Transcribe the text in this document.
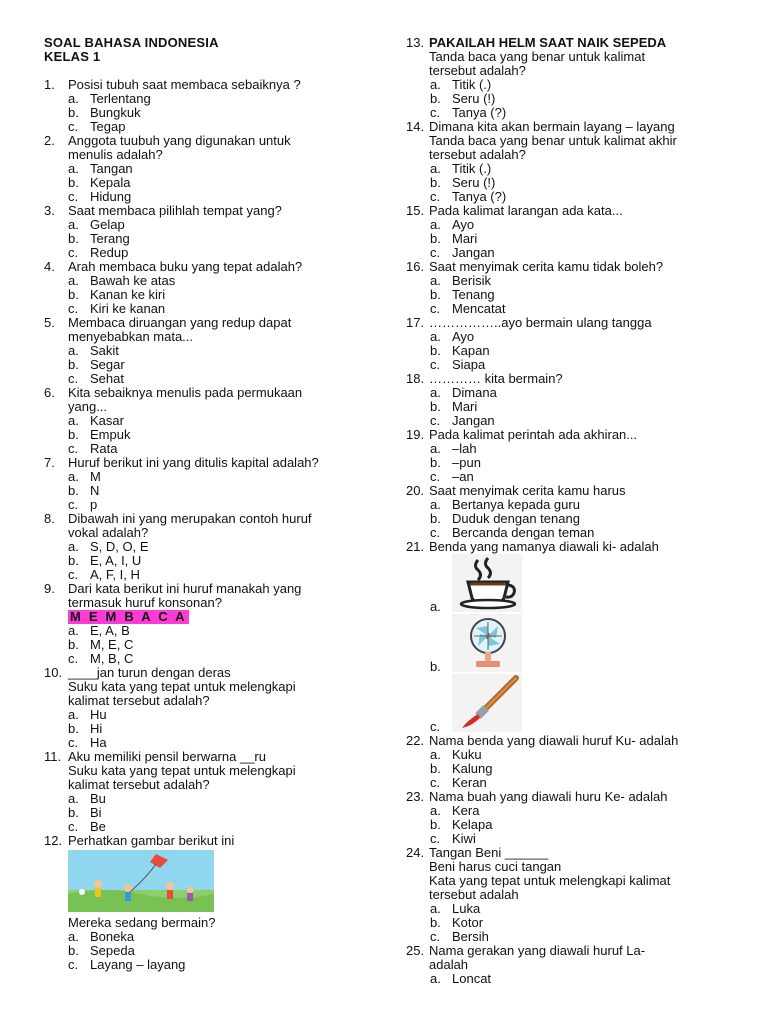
SOAL BAHASA INDONESIA
KELAS 1
1. Posisi tubuh saat membaca sebaiknya ?
a. Terlentang
b. Bungkuk
c. Tegap
2. Anggota tuubuh yang digunakan untuk
menulis adalah?
a. Tangan
b. Kepala
c. Hidung
3. Saat membaca pilihlah tempat yang?
a. Gelap
b. Terang
c. Redup
4. Arah membaca buku yang tepat adalah?
a. Bawah ke atas
b. Kanan ke kiri
c. Kiri ke kanan
5. Membaca diruangan yang redup dapat
menyebabkan mata...
a. Sakit
b. Segar
c. Sehat
6. Kita sebaiknya menulis pada permukaan
yang...
a. Kasar
b. Empuk
c. Rata
7. Huruf berikut ini yang ditulis kapital adalah?
a. M
b. N
c. p
8. Dibawah ini yang merupakan contoh huruf
vokal adalah?
a. S, D, O, E
b. E, A, I, U
c. A, F, I, H
9. Dari kata berikut ini huruf manakah yang
termasuk huruf konsonan?
M E M B A C A
a. E, A, B
b. M, E, C
c. M, B, C
10. ____jan turun dengan deras
Suku kata yang tepat untuk melengkapi
kalimat tersebut adalah?
a. Hu
b. Hi
c. Ha
11. Aku memiliki pensil berwarna __ru
Suku kata yang tepat untuk melengkapi
kalimat tersebut adalah?
a. Bu
b. Bi
c. Be
12. Perhatkan gambar berikut ini
Mereka sedang bermain?
a. Boneka
b. Sepeda
c. Layang – layang
13. PAKAILAH HELM SAAT NAIK SEPEDA
Tanda baca yang benar untuk kalimat
tersebut adalah?
a. Titik (.)
b. Seru (!)
c. Tanya (?)
14. Dimana kita akan bermain layang – layang
Tanda baca yang benar untuk kalimat akhir
tersebut adalah?
a. Titik (.)
b. Seru (!)
c. Tanya (?)
15. Pada kalimat larangan ada kata...
a. Ayo
b. Mari
c. Jangan
16. Saat menyimak cerita kamu tidak boleh?
a. Berisik
b. Tenang
c. Mencatat
17. ……………..ayo bermain ulang tangga
a. Ayo
b. Kapan
c. Siapa
18. ………… kita bermain?
a. Dimana
b. Mari
c. Jangan
19. Pada kalimat perintah ada akhiran...
a. –lah
b. –pun
c. –an
20. Saat menyimak cerita kamu harus
a. Bertanya kepada guru
b. Duduk dengan tenang
c. Bercanda dengan teman
21. Benda yang namanya diawali ki- adalah
a.
b.
c.
22. Nama benda yang diawali huruf Ku- adalah
a. Kuku
b. Kalung
c. Keran
23. Nama buah yang diawali huru Ke- adalah
a. Kera
b. Kelapa
c. Kiwi
24. Tangan Beni ______
Beni harus cuci tangan
Kata yang tepat untuk melengkapi kalimat
tersebut adalah
a. Luka
b. Kotor
c. Bersih
25. Nama gerakan yang diawali huruf La-
adalah
a. Loncat
